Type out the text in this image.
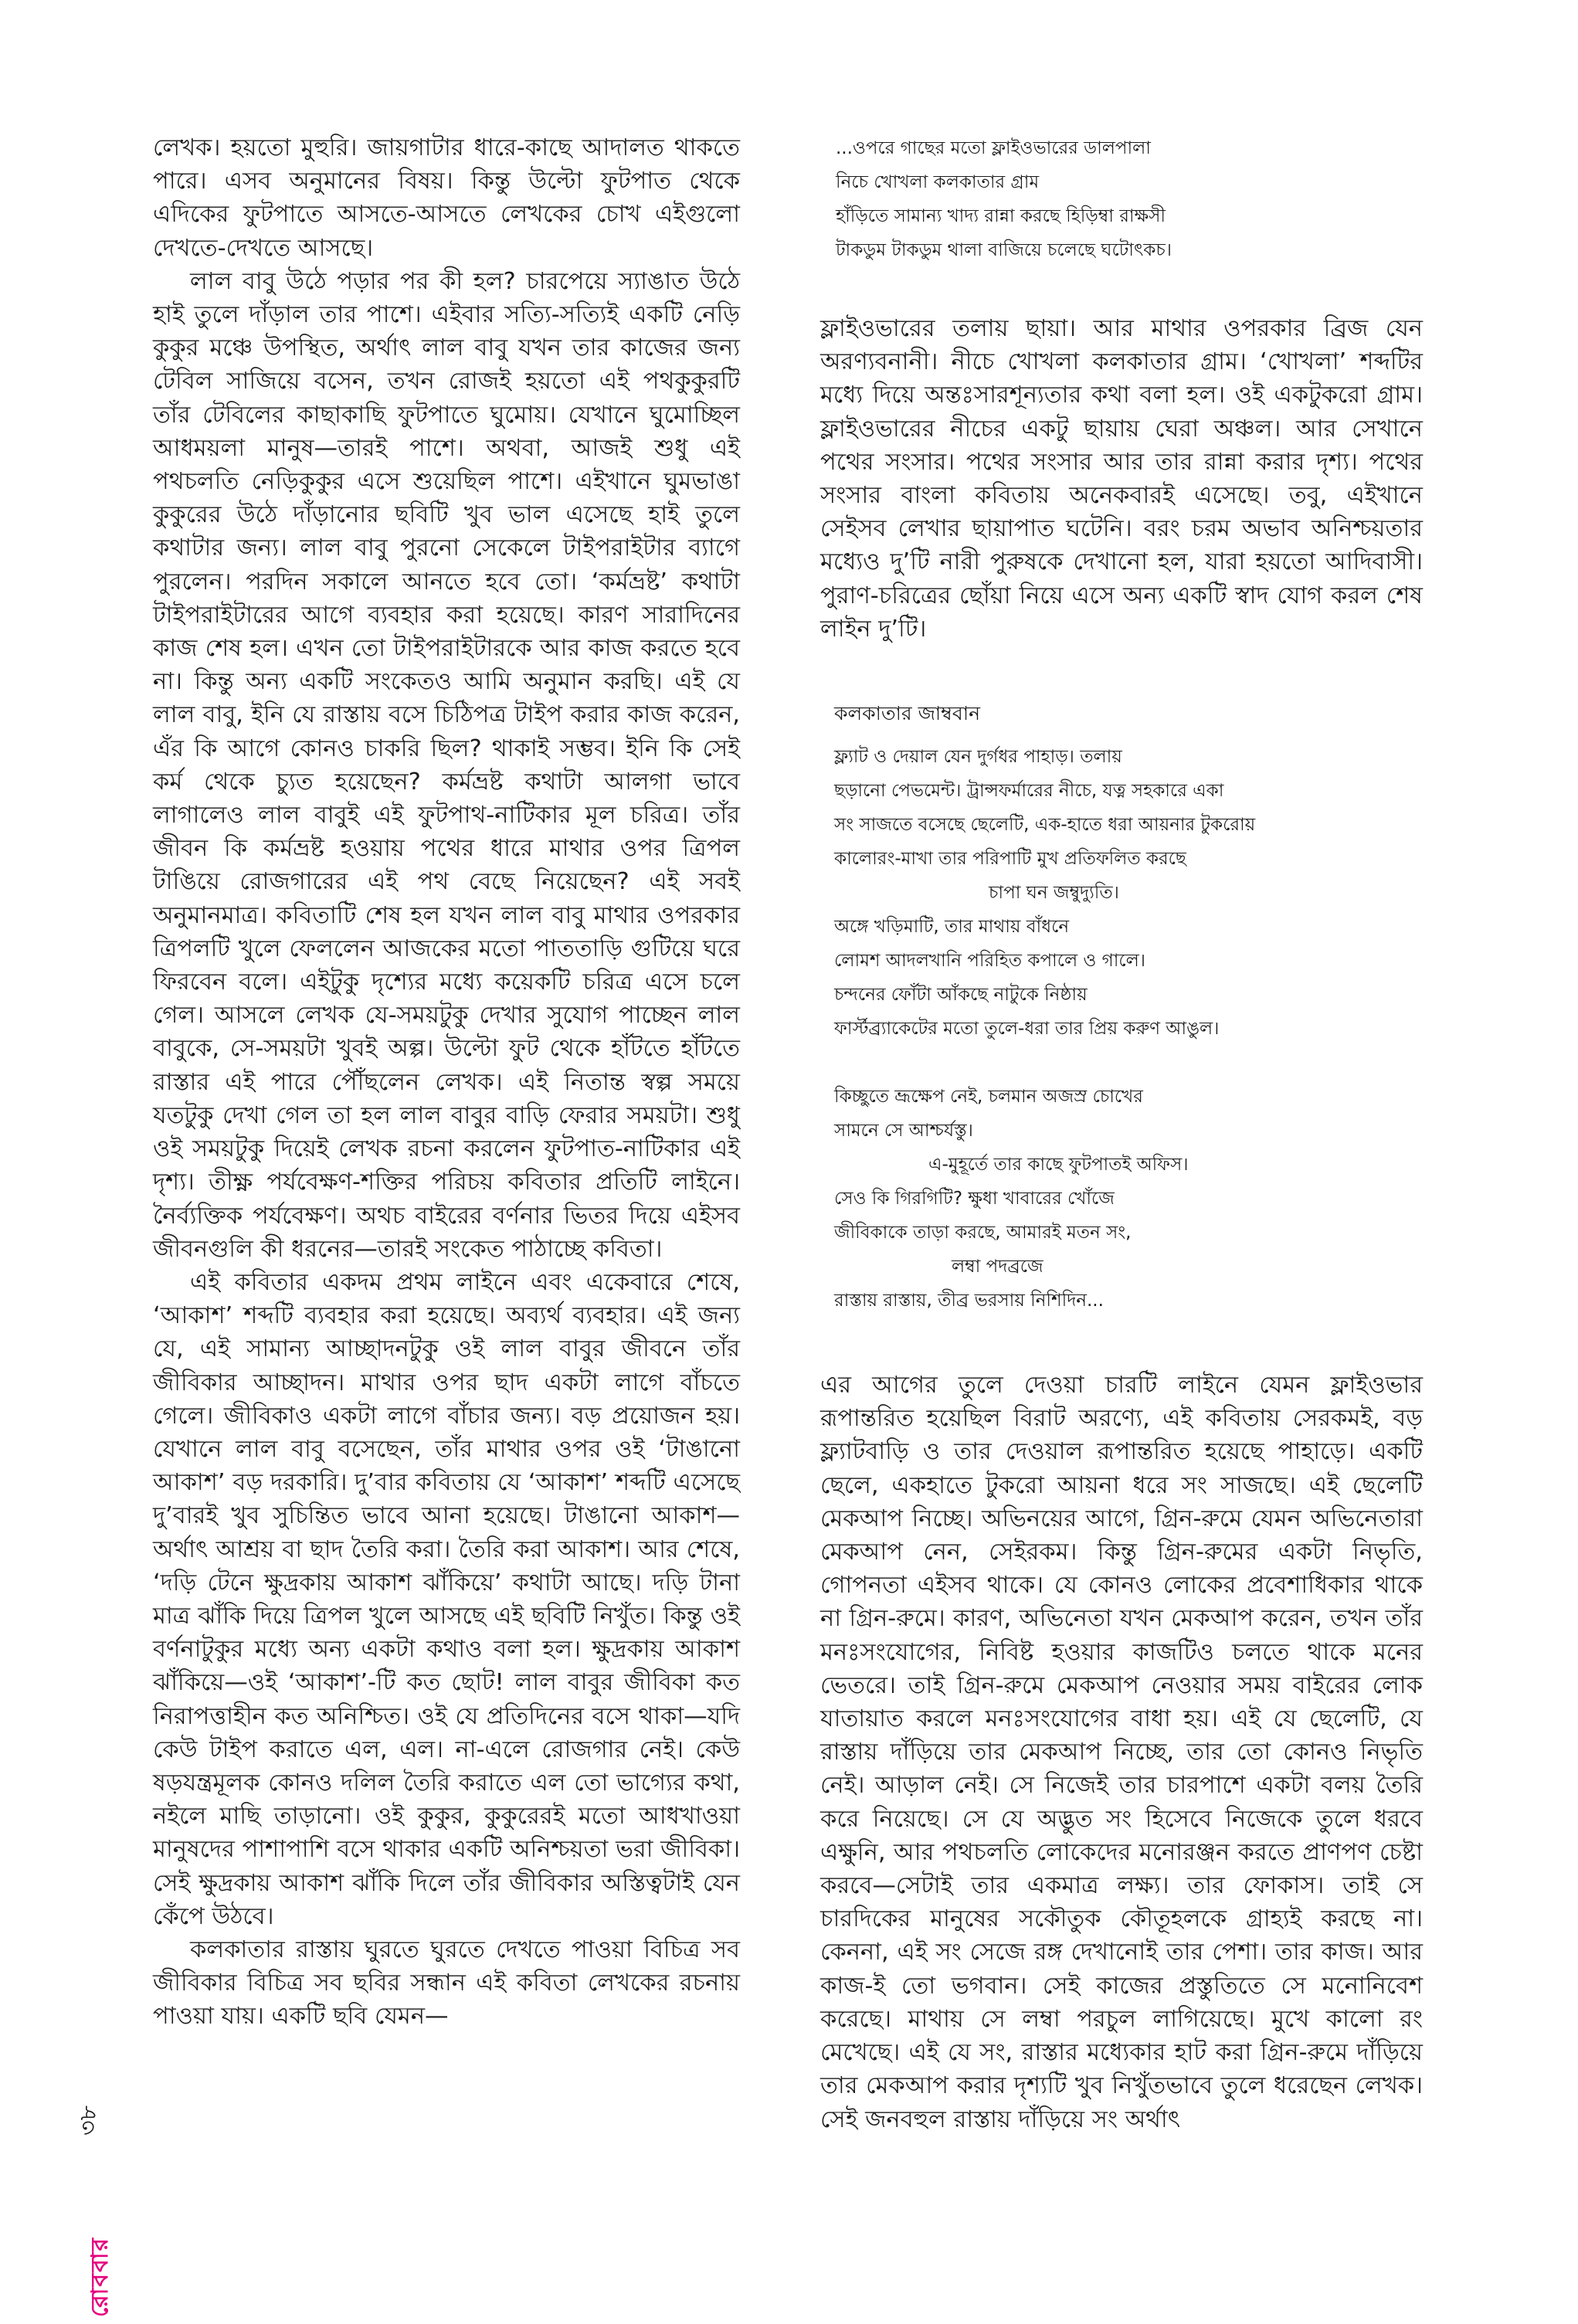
লেখক। হয়তো মুহুরি। জায়গাটার ধারে-কাছে আদালত থাকতে পারে। এসব অনুমানের বিষয়। কিন্তু উল্টো ফুটপাত থেকে এদিকের ফুটপাতে আসতে-আসতে লেখকের চোখ এইগুলো দেখতে-দেখতে আসছে।

লাল বাবু উঠে পড়ার পর কী হল? চারপেয়ে স্যাঙাত উঠে হাই তুলে দাঁড়াল তার পাশে। এইবার সত্যি-সত্যিই একটি নেড়ি কুকুর মঞ্চে উপস্থিত, অর্থাৎ লাল বাবু যখন তার কাজের জন্য টেবিল সাজিয়ে বসেন, তখন রোজই হয়তো এই পথকুকুরটি তাঁর টেবিলের কাছাকাছি ফুটপাতে ঘুমোয়। যেখানে ঘুমোচ্ছিল আধময়লা মানুষ—তারই পাশে। অথবা, আজই শুধু এই পথচলতি নেড়িকুকুর এসে শুয়েছিল পাশে। এইখানে ঘুমভাঙা কুকুরের উঠে দাঁড়ানোর ছবিটি খুব ভাল এসেছে হাই তুলে কথাটার জন্য। লাল বাবু পুরনো সেকেলে টাইপরাইটার ব্যাগে পুরলেন। পরদিন সকালে আনতে হবে তো। ‘কর্মভ্রষ্ট’ কথাটা টাইপরাইটারের আগে ব্যবহার করা হয়েছে। কারণ সারাদিনের কাজ শেষ হল। এখন তো টাইপরাইটারকে আর কাজ করতে হবে না। কিন্তু অন্য একটি সংকেতও আমি অনুমান করছি। এই যে লাল বাবু, ইনি যে রাস্তায় বসে চিঠিপত্র টাইপ করার কাজ করেন, এঁর কি আগে কোনও চাকরি ছিল? থাকাই সম্ভব। ইনি কি সেই কর্ম থেকে চ্যুত হয়েছেন? কর্মভ্রষ্ট কথাটা আলগা ভাবে লাগালেও লাল বাবুই এই ফুটপাথ-নাটিকার মূল চরিত্র। তাঁর জীবন কি কর্মভ্রষ্ট হওয়ায় পথের ধারে মাথার ওপর ত্রিপল টাঙিয়ে রোজগারের এই পথ বেছে নিয়েছেন? এই সবই অনুমানমাত্র। কবিতাটি শেষ হল যখন লাল বাবু মাথার ওপরকার ত্রিপলটি খুলে ফেললেন আজকের মতো পাততাড়ি গুটিয়ে ঘরে ফিরবেন বলে। এইটুকু দৃশ্যের মধ্যে কয়েকটি চরিত্র এসে চলে গেল। আসলে লেখক যে-সময়টুকু দেখার সুযোগ পাচ্ছেন লাল বাবুকে, সে-সময়টা খুবই অল্প। উল্টো ফুট থেকে হাঁটতে হাঁটতে রাস্তার এই পারে পৌঁছলেন লেখক। এই নিতান্ত স্বল্প সময়ে যতটুকু দেখা গেল তা হল লাল বাবুর বাড়ি ফেরার সময়টা। শুধু ওই সময়টুকু দিয়েই লেখক রচনা করলেন ফুটপাত-নাটিকার এই দৃশ্য। তীক্ষ্ণ পর্যবেক্ষণ-শক্তির পরিচয় কবিতার প্রতিটি লাইনে। নৈর্ব্যক্তিক পর্যবেক্ষণ। অথচ বাইরের বর্ণনার ভিতর দিয়ে এইসব জীবনগুলি কী ধরনের—তারই সংকেত পাঠাচ্ছে কবিতা।

এই কবিতার একদম প্রথম লাইনে এবং একেবারে শেষে, ‘আকাশ’ শব্দটি ব্যবহার করা হয়েছে। অব্যর্থ ব্যবহার। এই জন্য যে, এই সামান্য আচ্ছাদনটুকু ওই লাল বাবুর জীবনে তাঁর জীবিকার আচ্ছাদন। মাথার ওপর ছাদ একটা লাগে বাঁচতে গেলে। জীবিকাও একটা লাগে বাঁচার জন্য। বড় প্রয়োজন হয়। যেখানে লাল বাবু বসেছেন, তাঁর মাথার ওপর ওই ‘টাঙানো আকাশ’ বড় দরকারি। দু’বার কবিতায় যে ‘আকাশ’ শব্দটি এসেছে দু’বারই খুব সুচিন্তিত ভাবে আনা হয়েছে। টাঙানো আকাশ—অর্থাৎ আশ্রয় বা ছাদ তৈরি করা। তৈরি করা আকাশ। আর শেষে, ‘দড়ি টেনে ক্ষুদ্রকায় আকাশ ঝাঁকিয়ে’ কথাটা আছে। দড়ি টানা মাত্র ঝাঁকি দিয়ে ত্রিপল খুলে আসছে এই ছবিটি নিখুঁত। কিন্তু ওই বর্ণনাটুকুর মধ্যে অন্য একটা কথাও বলা হল। ক্ষুদ্রকায় আকাশ ঝাঁকিয়ে—ওই ‘আকাশ’-টি কত ছোট! লাল বাবুর জীবিকা কত নিরাপত্তাহীন কত অনিশ্চিত। ওই যে প্রতিদিনের বসে থাকা—যদি কেউ টাইপ করাতে এল, এল। না-এলে রোজগার নেই। কেউ ষড়যন্ত্রমূলক কোনও দলিল তৈরি করাতে এল তো ভাগ্যের কথা, নইলে মাছি তাড়ানো। ওই কুকুর, কুকুরেরই মতো আধখাওয়া মানুষদের পাশাপাশি বসে থাকার একটি অনিশ্চয়তা ভরা জীবিকা। সেই ক্ষুদ্রকায় আকাশ ঝাঁকি দিলে তাঁর জীবিকার অস্তিত্বটাই যেন কেঁপে উঠবে।

কলকাতার রাস্তায় ঘুরতে ঘুরতে দেখতে পাওয়া বিচিত্র সব জীবিকার বিচিত্র সব ছবির সন্ধান এই কবিতা লেখকের রচনায় পাওয়া যায়। একটি ছবি যেমন—

...ওপরে গাছের মতো ফ্লাইওভারের ডালপালা
নিচে খোখলা কলকাতার গ্রাম
হাঁড়িতে সামান্য খাদ্য রান্না করছে হিড়িম্বা রাক্ষসী
টাকডুম টাকডুম থালা বাজিয়ে চলেছে ঘটোৎকচ।

ফ্লাইওভারের তলায় ছায়া। আর মাথার ওপরকার ব্রিজ যেন অরণ্যবনানী। নীচে খোখলা কলকাতার গ্রাম। ‘খোখলা’ শব্দটির মধ্যে দিয়ে অন্তঃসারশূন্যতার কথা বলা হল। ওই একটুকরো গ্রাম। ফ্লাইওভারের নীচের একটু ছায়ায় ঘেরা অঞ্চল। আর সেখানে পথের সংসার। পথের সংসার আর তার রান্না করার দৃশ্য। পথের সংসার বাংলা কবিতায় অনেকবারই এসেছে। তবু, এইখানে সেইসব লেখার ছায়াপাত ঘটেনি। বরং চরম অভাব অনিশ্চয়তার মধ্যেও দু’টি নারী পুরুষকে দেখানো হল, যারা হয়তো আদিবাসী। পুরাণ-চরিত্রের ছোঁয়া নিয়ে এসে অন্য একটি স্বাদ যোগ করল শেষ লাইন দু’টি।

কলকাতার জাম্ববান
ফ্ল্যাট ও দেয়াল যেন দুর্গধর পাহাড়। তলায়
ছড়ানো পেভমেন্ট। ট্রান্সফর্মারের নীচে, যত্ন সহকারে একা
সং সাজতে বসেছে ছেলেটি, এক-হাতে ধরা আয়নার টুকরোয়
কালোরং-মাখা তার পরিপাটি মুখ প্রতিফলিত করছে
চাপা ঘন জম্বুদ্যুতি।
অঙ্গে খড়িমাটি, তার মাথায় বাঁধনে
লোমশ আদলখানি পরিহিত কপালে ও গালে।
চন্দনের ফোঁটা আঁকছে নাটুকে নিষ্ঠায়
ফার্স্টব্র্যাকেটের মতো তুলে-ধরা তার প্রিয় করুণ আঙুল।
কিচ্ছুতে ভ্রূক্ষেপ নেই, চলমান অজস্র চোখের
সামনে সে আশ্চর্যস্তু।
এ-মুহূর্তে তার কাছে ফুটপাতই অফিস।
সেও কি গিরগিটি? ক্ষুধা খাবারের খোঁজে
জীবিকাকে তাড়া করছে, আমারই মতন সং,
লম্বা পদব্রজে
রাস্তায় রাস্তায়, তীব্র ভরসায় নিশিদিন...

এর আগের তুলে দেওয়া চারটি লাইনে যেমন ফ্লাইওভার রূপান্তরিত হয়েছিল বিরাট অরণ্যে, এই কবিতায় সেরকমই, বড় ফ্ল্যাটবাড়ি ও তার দেওয়াল রূপান্তরিত হয়েছে পাহাড়ে। একটি ছেলে, একহাতে টুকরো আয়না ধরে সং সাজছে। এই ছেলেটি মেকআপ নিচ্ছে। অভিনয়ের আগে, গ্রিন-রুমে যেমন অভিনেতারা মেকআপ নেন, সেইরকম। কিন্তু গ্রিন-রুমের একটা নিভৃতি, গোপনতা এইসব থাকে। যে কোনও লোকের প্রবেশাধিকার থাকে না গ্রিন-রুমে। কারণ, অভিনেতা যখন মেকআপ করেন, তখন তাঁর মনঃসংযোগের, নিবিষ্ট হওয়ার কাজটিও চলতে থাকে মনের ভেতরে। তাই গ্রিন-রুমে মেকআপ নেওয়ার সময় বাইরের লোক যাতায়াত করলে মনঃসংযোগের বাধা হয়। এই যে ছেলেটি, যে রাস্তায় দাঁড়িয়ে তার মেকআপ নিচ্ছে, তার তো কোনও নিভৃতি নেই। আড়াল নেই। সে নিজেই তার চারপাশে একটা বলয় তৈরি করে নিয়েছে। সে যে অদ্ভুত সং হিসেবে নিজেকে তুলে ধরবে এক্ষুনি, আর পথচলতি লোকেদের মনোরঞ্জন করতে প্রাণপণ চেষ্টা করবে—সেটাই তার একমাত্র লক্ষ্য। তার ফোকাস। তাই সে চারদিকের মানুষের সকৌতুক কৌতূহলকে গ্রাহ্যই করছে না। কেননা, এই সং সেজে রঙ্গ দেখানোই তার পেশা। তার কাজ। আর কাজ-ই তো ভগবান। সেই কাজের প্রস্তুতিতে সে মনোনিবেশ করেছে। মাথায় সে লম্বা পরচুল লাগিয়েছে। মুখে কালো রং মেখেছে। এই যে সং, রাস্তার মধ্যেকার হাট করা গ্রিন-রুমে দাঁড়িয়ে তার মেকআপ করার দৃশ্যটি খুব নিখুঁতভাবে তুলে ধরেছেন লেখক। সেই জনবহুল রাস্তায় দাঁড়িয়ে সং অর্থাৎ

৩৮
রোববার
